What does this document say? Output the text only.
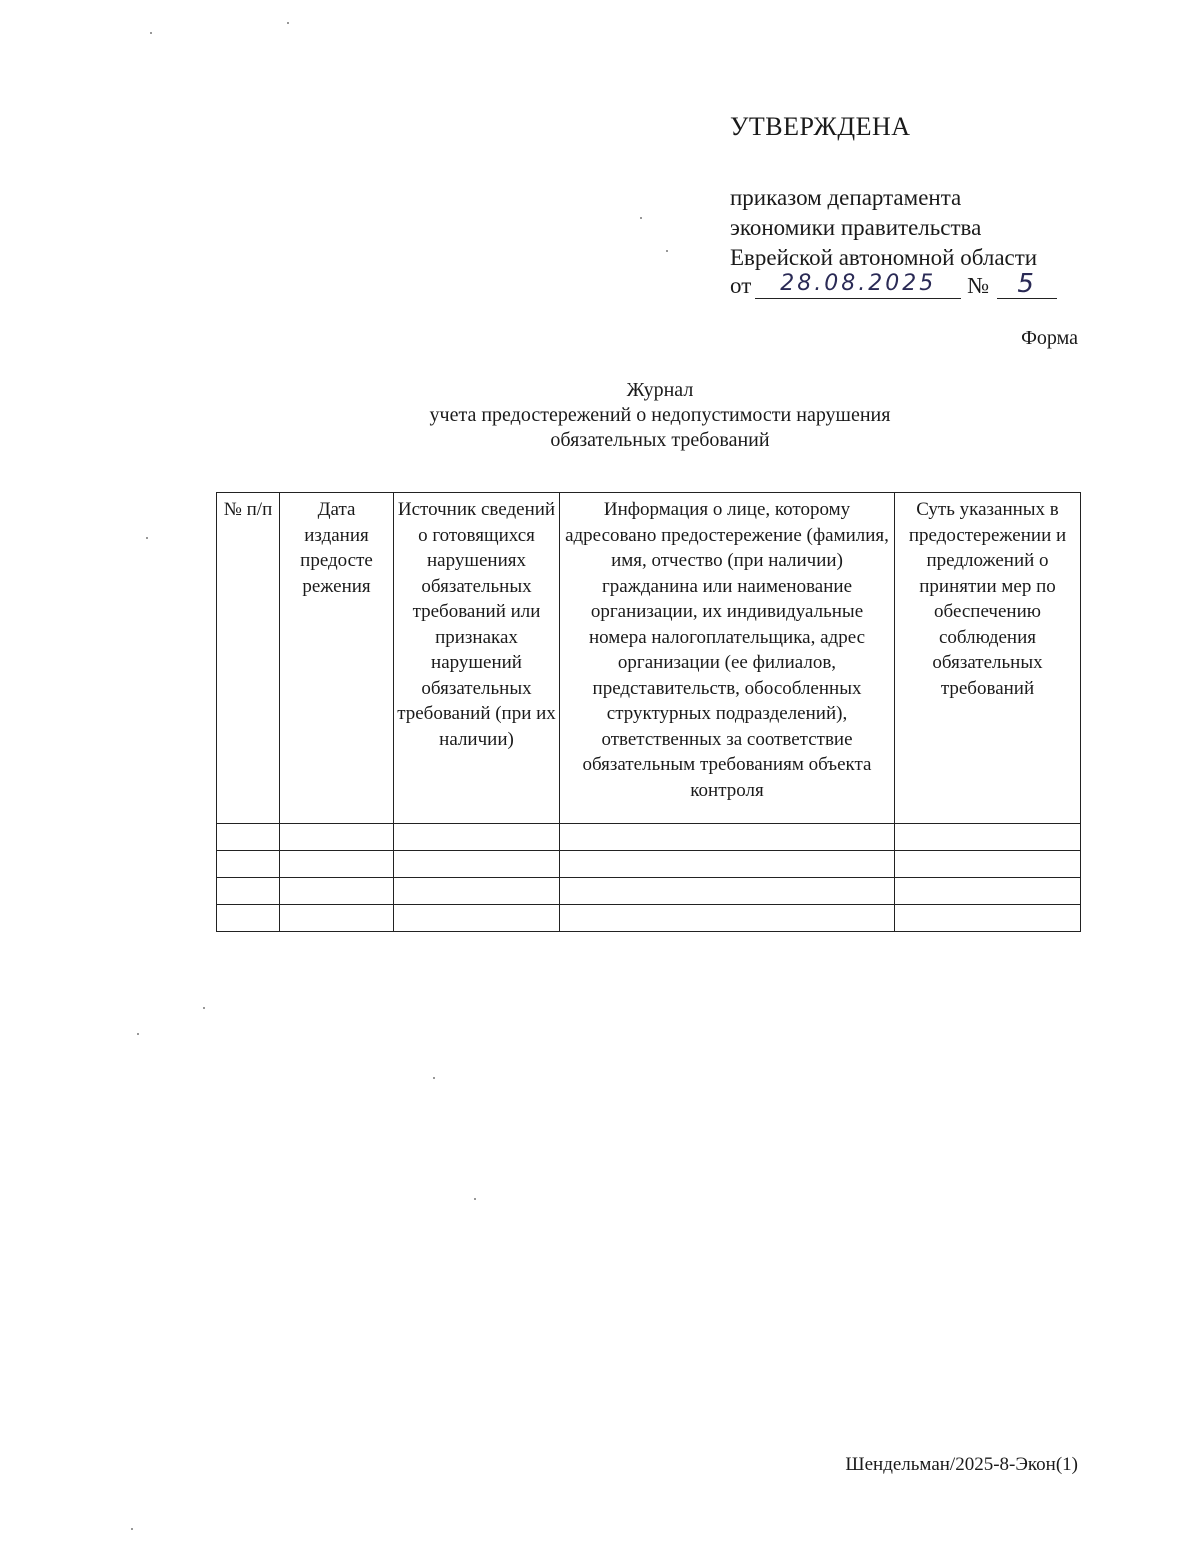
УТВЕРЖДЕНА
приказом департамента
экономики правительства
Еврейской автономной области
от 28.08.2025 № 5
Форма
Журнал
учета предостережений о недопустимости нарушения
обязательных требований
№ п/п	Дата издания предосте режения	Источник сведений о готовящихся нарушениях обязательных требований или признаках нарушений обязательных требований (при их наличии)	Информация о лице, которому адресовано предостережение (фамилия, имя, отчество (при наличии) гражданина или наименование организации, их индивидуальные номера налогоплательщика, адрес организации (ее филиалов, представительств, обособленных структурных подразделений), ответственных за соответствие обязательным требованиям объекта контроля	Суть указанных в предостережении и предложений о принятии мер по обеспечению соблюдения обязательных требований

Шендельман/2025-8-Экон(1)
